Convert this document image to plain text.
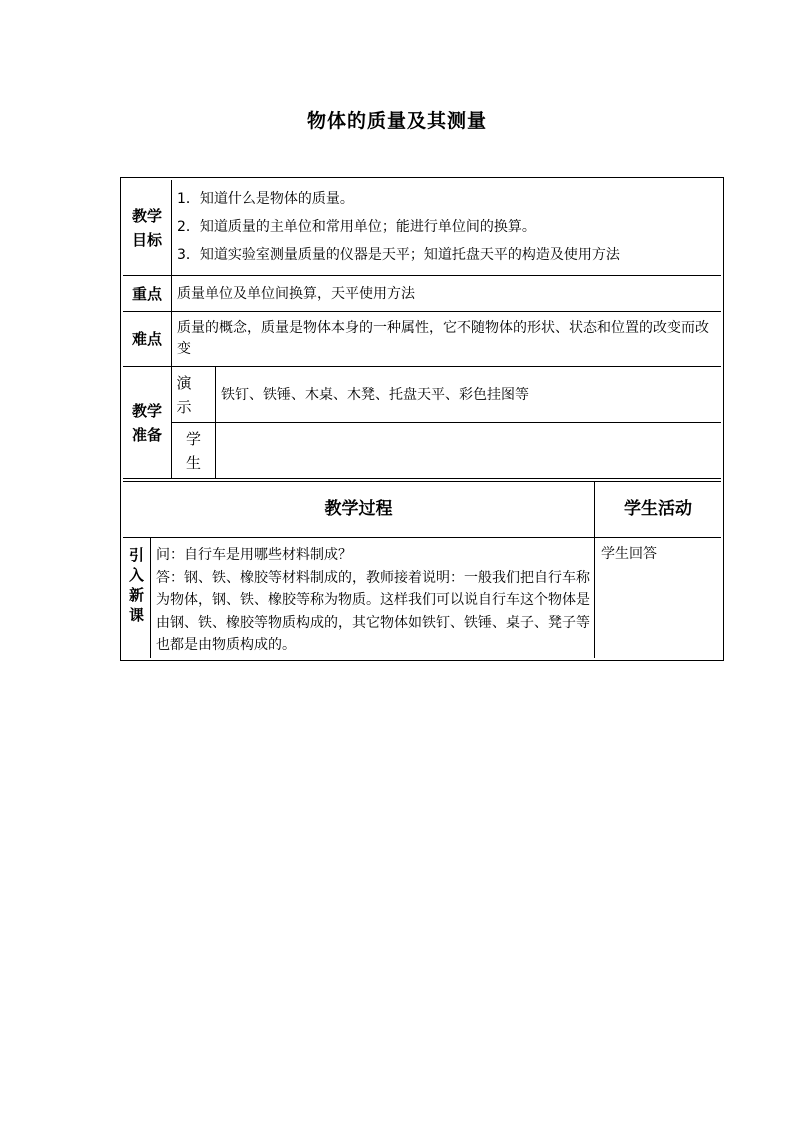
物体的质量及其测量
教学
目标
1．知道什么是物体的质量。
2．知道质量的主单位和常用单位；能进行单位间的换算。
3．知道实验室测量质量的仪器是天平；知道托盘天平的构造及使用方法
重点	质量单位及单位间换算，天平使用方法
难点
质量的概念，质量是物体本身的一种属性，它不随物体的形状、状态和位置的改变而改变
教学
准备
演
示
铁钉、铁锤、木桌、木凳、托盘天平、彩色挂图等
学
生
教学过程	学生活动
引
入
新
课
问：自行车是用哪些材料制成？
答：钢、铁、橡胶等材料制成的，教师接着说明：一般我们把自行车称为物体，钢、铁、橡胶等称为物质。这样我们可以说自行车这个物体是由钢、铁、橡胶等物质构成的，其它物体如铁钉、铁锤、桌子、凳子等也都是由物质构成的。
学生回答
